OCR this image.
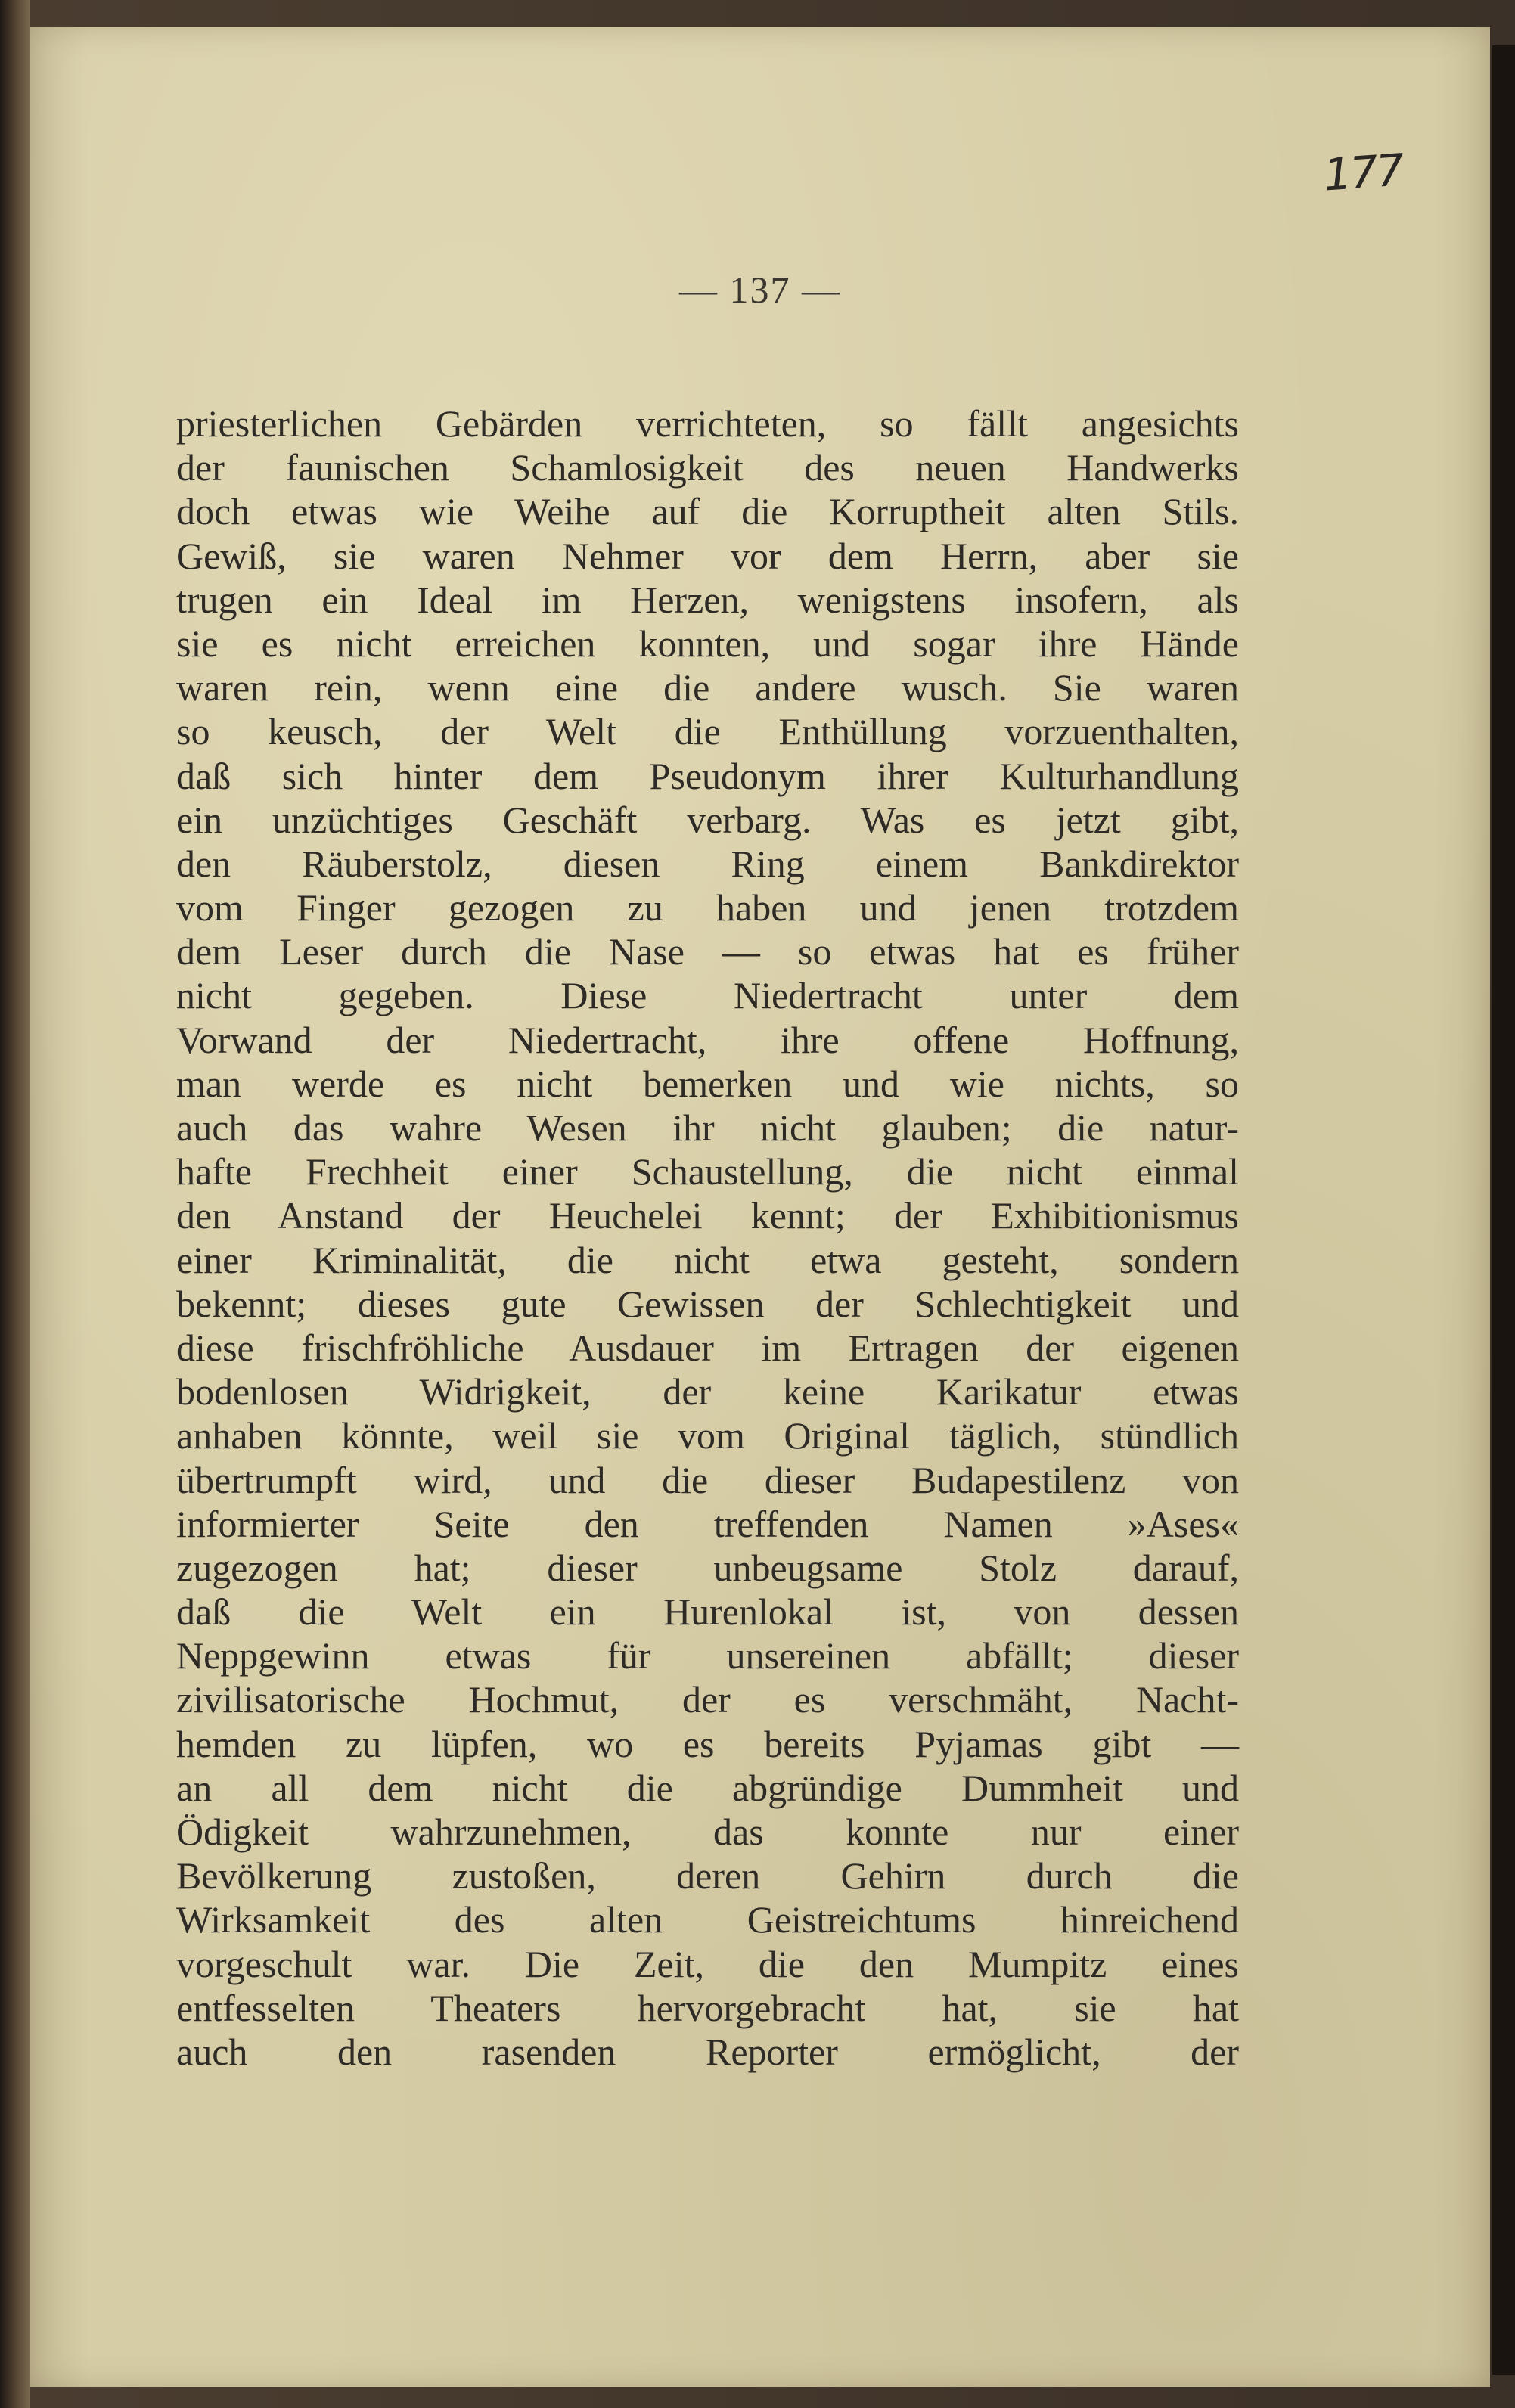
177
— 137 —
priesterlichen Gebärden verrichteten, so fällt angesichts
der faunischen Schamlosigkeit des neuen Handwerks
doch etwas wie Weihe auf die Korruptheit alten Stils.
Gewiß, sie waren Nehmer vor dem Herrn, aber sie
trugen ein Ideal im Herzen, wenigstens insofern, als
sie es nicht erreichen konnten, und sogar ihre Hände
waren rein, wenn eine die andere wusch. Sie waren
so keusch, der Welt die Enthüllung vorzuenthalten,
daß sich hinter dem Pseudonym ihrer Kulturhandlung
ein unzüchtiges Geschäft verbarg. Was es jetzt gibt,
den Räuberstolz, diesen Ring einem Bankdirektor
vom Finger gezogen zu haben und jenen trotzdem
dem Leser durch die Nase — so etwas hat es früher
nicht gegeben. Diese Niedertracht unter dem
Vorwand der Niedertracht, ihre offene Hoffnung,
man werde es nicht bemerken und wie nichts, so
auch das wahre Wesen ihr nicht glauben; die natur-
hafte Frechheit einer Schaustellung, die nicht einmal
den Anstand der Heuchelei kennt; der Exhibitionismus
einer Kriminalität, die nicht etwa gesteht, sondern
bekennt; dieses gute Gewissen der Schlechtigkeit und
diese frischfröhliche Ausdauer im Ertragen der eigenen
bodenlosen Widrigkeit, der keine Karikatur etwas
anhaben könnte, weil sie vom Original täglich, stündlich
übertrumpft wird, und die dieser Budapestilenz von
informierter Seite den treffenden Namen »Ases«
zugezogen hat; dieser unbeugsame Stolz darauf,
daß die Welt ein Hurenlokal ist, von dessen
Neppgewinn etwas für unsereinen abfällt; dieser
zivilisatorische Hochmut, der es verschmäht, Nacht-
hemden zu lüpfen, wo es bereits Pyjamas gibt —
an all dem nicht die abgründige Dummheit und
Ödigkeit wahrzunehmen, das konnte nur einer
Bevölkerung zustoßen, deren Gehirn durch die
Wirksamkeit des alten Geistreichtums hinreichend
vorgeschult war. Die Zeit, die den Mumpitz eines
entfesselten Theaters hervorgebracht hat, sie hat
auch den rasenden Reporter ermöglicht, der
